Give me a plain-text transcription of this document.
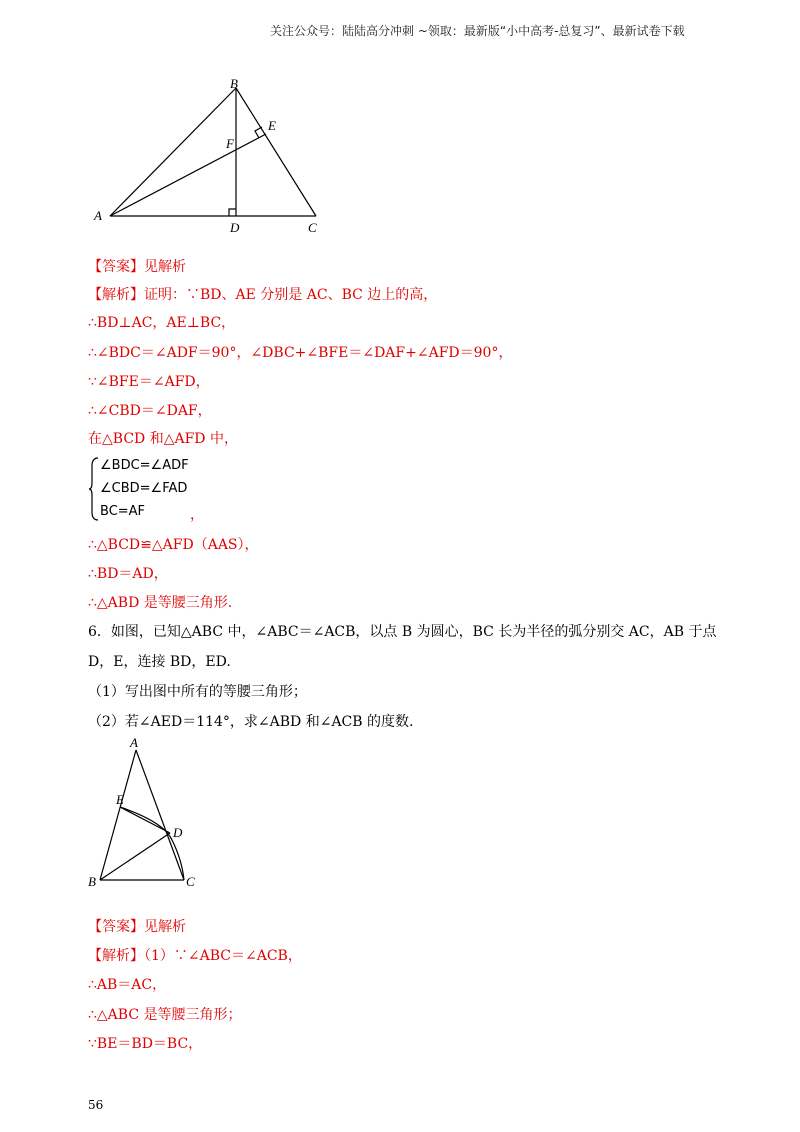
关注公众号：陆陆高分冲刺 ~领取：最新版“小中高考-总复习”、最新试卷下载
B
E
F
A
D	C
【答案】见解析
【解析】证明：∵BD、AE 分别是 AC、BC 边上的高，
∴BD⊥AC，AE⊥BC，
∴∠BDC＝∠ADF＝90°，∠DBC+∠BFE＝∠DAF+∠AFD＝90°，
∵∠BFE＝∠AFD，
∴∠CBD＝∠DAF，
在△BCD 和△AFD 中，
∠BDC=∠ADF
∠CBD=∠FAD
BC=AF	，
∴△BCD≌△AFD（AAS），
∴BD＝AD，
∴△ABD 是等腰三角形.
6．如图，已知△ABC 中，∠ABC＝∠ACB，以点 B 为圆心，BC 长为半径的弧分别交 AC，AB 于点
D，E，连接 BD，ED.
（1）写出图中所有的等腰三角形；
（2）若∠AED＝114°，求∠ABD 和∠ACB 的度数.
A
E
D
B	C
【答案】见解析
【解析】（1）∵∠ABC＝∠ACB，
∴AB＝AC，
∴△ABC 是等腰三角形；
∵BE＝BD＝BC，
56
